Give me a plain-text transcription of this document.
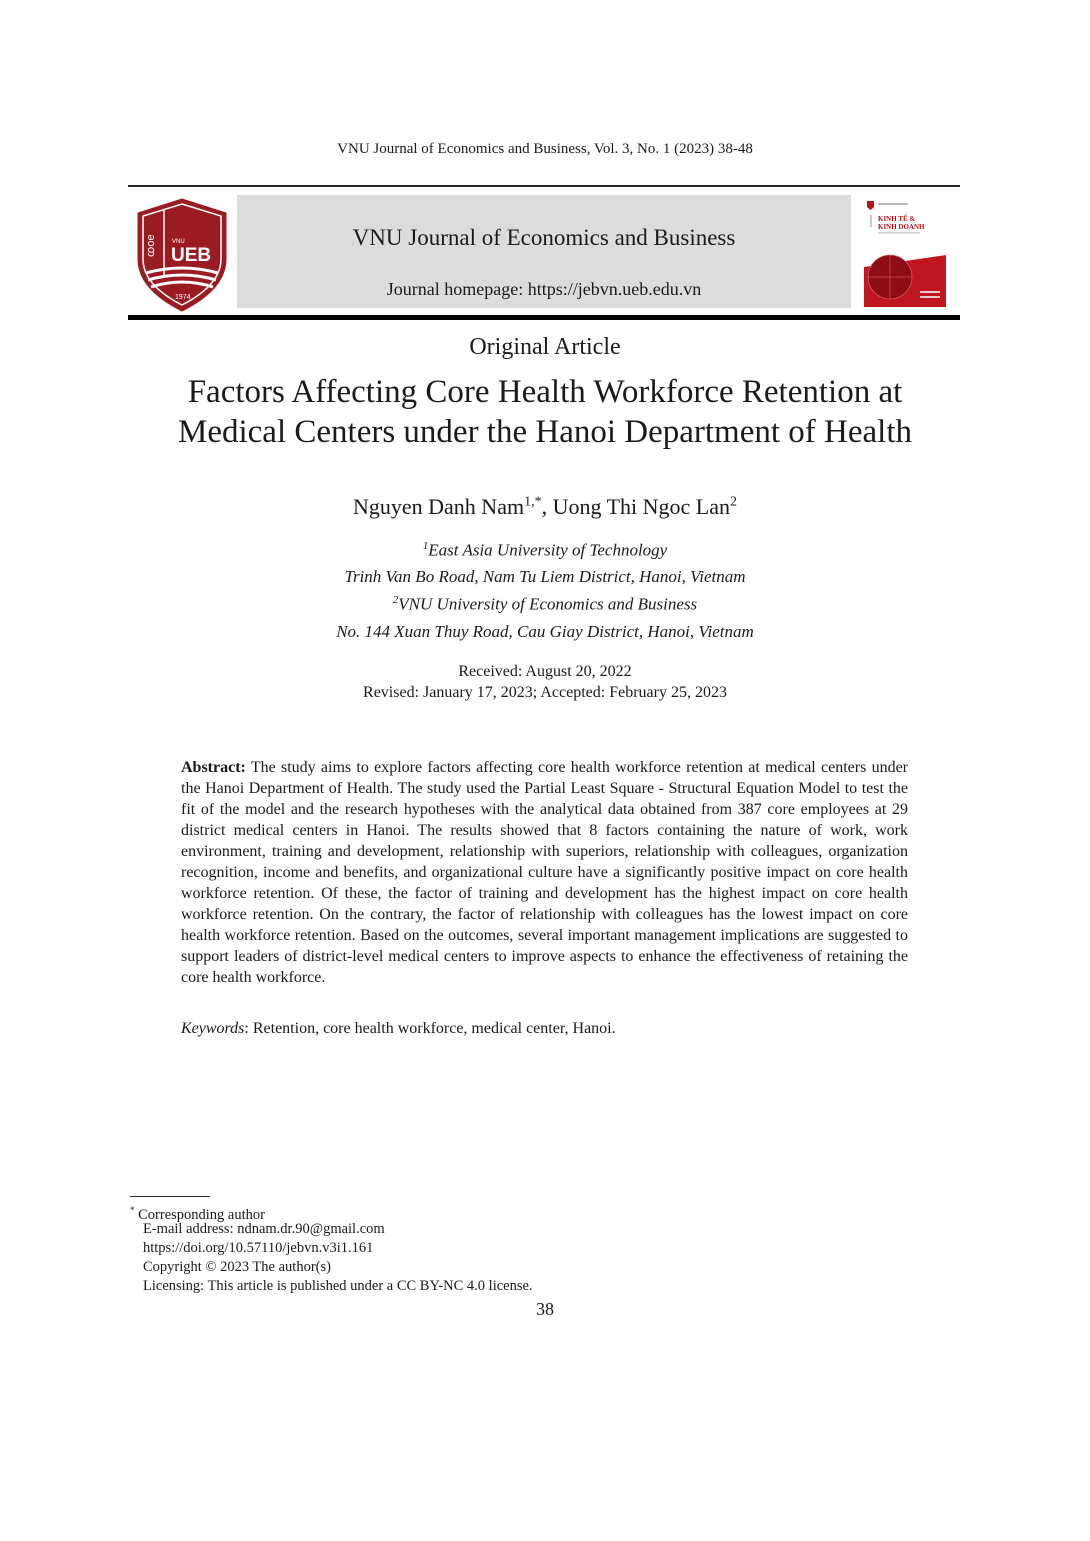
VNU Journal of Economics and Business, Vol. 3, No. 1 (2023) 38-48
ꭃoe	VNU
UEB
1974
VNU Journal of Economics and Business
Journal homepage: https://jebvn.ueb.edu.vn
KINH TẾ &
KINH DOANH
Original Article
Factors Affecting Core Health Workforce Retention at
Medical Centers under the Hanoi Department of Health
Nguyen Danh Nam$^{1,*}$, Uong Thi Ngoc Lan$^2$
$^1$East Asia University of Technology
Trinh Van Bo Road, Nam Tu Liem District, Hanoi, Vietnam
$^2$VNU University of Economics and Business
No. 144 Xuan Thuy Road, Cau Giay District, Hanoi, Vietnam
Received: August 20, 2022
Revised: January 17, 2023; Accepted: February 25, 2023
Abstract: The study aims to explore factors affecting core health workforce retention at medical centers under the Hanoi Department of Health. The study used the Partial Least Square - Structural Equation Model to test the fit of the model and the research hypotheses with the analytical data obtained from 387 core employees at 29 district medical centers in Hanoi. The results showed that 8 factors containing the nature of work, work environment, training and development, relationship with superiors, relationship with colleagues, organization recognition, income and benefits, and organizational culture have a significantly positive impact on core health workforce retention. Of these, the factor of training and development has the highest impact on core health workforce retention. On the contrary, the factor of relationship with colleagues has the lowest impact on core health workforce retention. Based on the outcomes, several important management implications are suggested to support leaders of district-level medical centers to improve aspects to enhance the effectiveness of retaining the core health workforce.
Keywords: Retention, core health workforce, medical center, Hanoi.
* Corresponding author
E-mail address: ndnam.dr.90@gmail.com
https://doi.org/10.57110/jebvn.v3i1.161
Copyright © 2023 The author(s)
Licensing: This article is published under a CC BY-NC 4.0 license.
38
